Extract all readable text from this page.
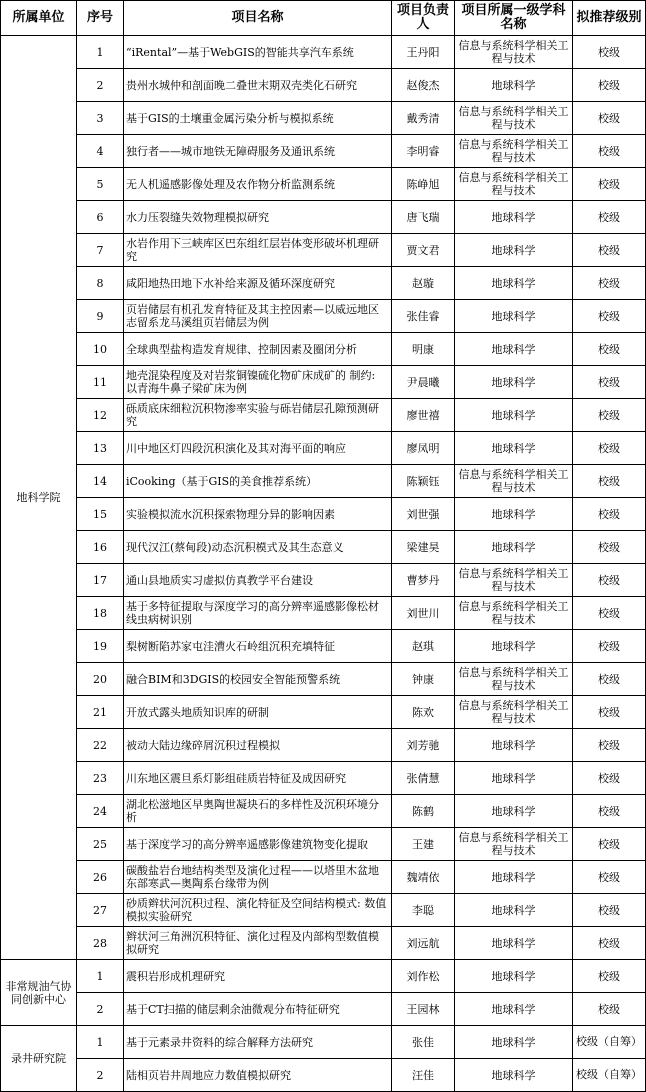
所属单位	序号	项目名称	项目负责人	项目所属一级学科名称	拟推荐级别
地科学院	1	“iRental”—基于WebGIS的智能共享汽车系统	王丹阳	信息与系统科学相关工程与技术	校级
	2	贵州水城仲和剖面晚二叠世末期双壳类化石研究	赵俊杰	地球科学	校级
	3	基于GIS的土壤重金属污染分析与模拟系统	戴秀清	信息与系统科学相关工程与技术	校级
	4	独行者——城市地铁无障碍服务及通讯系统	李明睿	信息与系统科学相关工程与技术	校级
	5	无人机遥感影像处理及农作物分析监测系统	陈峥旭	信息与系统科学相关工程与技术	校级
	6	水力压裂缝失效物理模拟研究	唐飞瑞	地球科学	校级
	7	水岩作用下三峡库区巴东组红层岩体变形破坏机理研究	贾文君	地球科学	校级
	8	咸阳地热田地下水补给来源及循环深度研究	赵璇	地球科学	校级
	9	页岩储层有机孔发育特征及其主控因素—以威远地区志留系龙马溪组页岩储层为例	张佳睿	地球科学	校级
	10	全球典型盐构造发育规律、控制因素及圈闭分析	明康	地球科学	校级
	11	地壳混染程度及对岩浆铜镍硫化物矿床成矿的 制约: 以青海牛鼻子梁矿床为例	尹晨曦	地球科学	校级
	12	砾质底床细粒沉积物渗率实验与砾岩储层孔隙预测研究	廖世禧	地球科学	校级
	13	川中地区灯四段沉积演化及其对海平面的响应	廖凤明	地球科学	校级
	14	iCooking（基于GIS的美食推荐系统）	陈颖钰	信息与系统科学相关工程与技术	校级
	15	实验模拟流水沉积探索物理分异的影响因素	刘世强	地球科学	校级
	16	现代汉江(蔡甸段)动态沉积模式及其生态意义	梁建昊	地球科学	校级
	17	通山县地质实习虚拟仿真教学平台建设	曹梦丹	信息与系统科学相关工程与技术	校级
	18	基于多特征提取与深度学习的高分辨率遥感影像松材线虫病树识别	刘世川	信息与系统科学相关工程与技术	校级
	19	梨树断陷苏家屯洼漕火石岭组沉积充填特征	赵琪	地球科学	校级
	20	融合BIM和3DGIS的校园安全智能预警系统	钟康	信息与系统科学相关工程与技术	校级
	21	开放式露头地质知识库的研制	陈欢	信息与系统科学相关工程与技术	校级
	22	被动大陆边缘碎屑沉积过程模拟	刘芳驰	地球科学	校级
	23	川东地区震旦系灯影组硅质岩特征及成因研究	张倩慧	地球科学	校级
	24	湖北松滋地区早奥陶世凝块石的多样性及沉积环境分析	陈鹤	地球科学	校级
	25	基于深度学习的高分辨率遥感影像建筑物变化提取	王建	信息与系统科学相关工程与技术	校级
	26	碳酸盐岩台地结构类型及演化过程——以塔里木盆地东部寒武—奥陶系台缘带为例	魏靖依	地球科学	校级
	27	砂质辫状河沉积过程、演化特征及空间结构模式: 数值模拟实验研究	李聪	地球科学	校级
	28	辫状河三角洲沉积特征、演化过程及内部构型数值模拟研究	刘远航	地球科学	校级
非常规油气协同创新中心	1	震积岩形成机理研究	刘作松	地球科学	校级
	2	基于CT扫描的储层剩余油微观分布特征研究	王园林	地球科学	校级
录井研究院	1	基于元素录井资料的综合解释方法研究	张佳	地球科学	校级（自筹）
	2	陆相页岩井周地应力数值模拟研究	汪佳	地球科学	校级（自筹）
